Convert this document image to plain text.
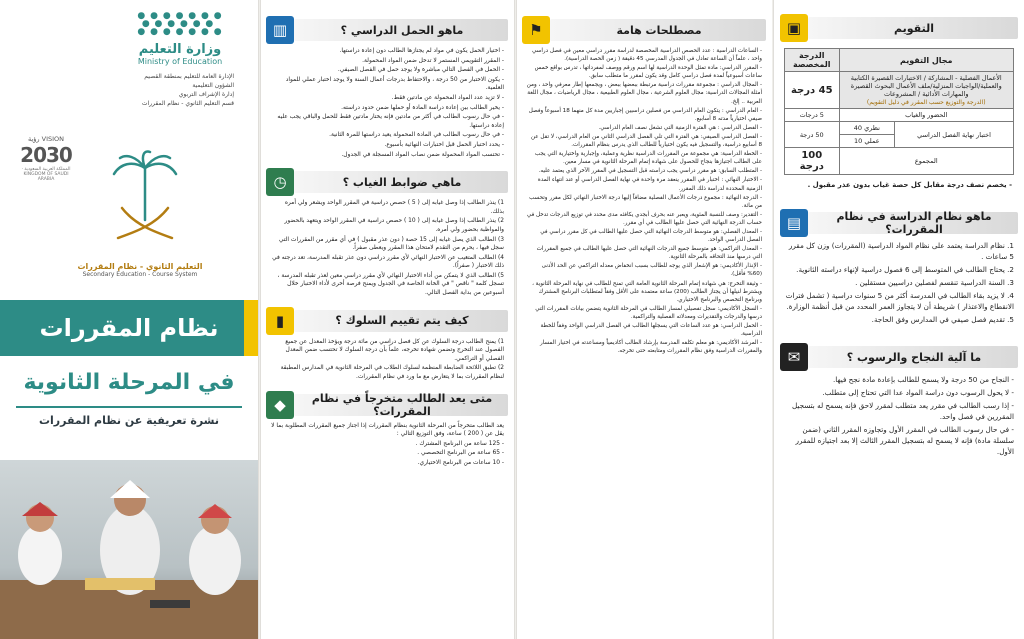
التقويم
▣
مجال التقويم		الدرجة المخصصة
الأعمال الفصلية - المشاركة / الاختبارات القصيرة الكتابية والعملية/الواجبات المنزلية/ملف الأعمال البحوث القصيرة والمهارات الأدائية / المشروعات
(الدرجة والتوزيع حسب المقرر في دليل التقويم)		45 درجة
الحضور والغياب		5 درجات
اختبار نهاية الفصل الدراسي	نظري 40	50 درجة
	عملي 10	
المجموع		100 درجة
- يخصم نصف درجة مقابل كل حصة غياب بدون عذر مقبول .
ماهو نظام الدراسة في نظام المقررات؟
▤
1. نظام الدراسة يعتمد على نظام المواد الدراسية (المقررات) وزن كل مقرر 5 ساعات .
2. يحتاج الطالب في المتوسط إلى 6 فصول دراسية لإنهاء دراسته الثانوية.
3. السنة الدراسية تنقسم لفصلين دراسيين مستقلين .
4. لا يزيد بقاء الطالب في المدرسة أكثر من 5 سنوات دراسية ( تشمل فترات الانقطاع والاعتذار ) شريطة أن لا يتجاوز العمر المحدد من قبل أنظمة الوزارة.
5. تقديم فصل صيفي في المدارس وفق الحاجة.
ما آلية النجاح والرسوب ؟
✉
- النجاح من 50 درجة ولا يسمح للطالب بإعادة مادة نجح فيها.
- لا يحول الرسوب دون دراسة المواد عدا التي تحتاج إلى متطلب.
- إذا رسب الطالب في مقرر يعد متطلب لمقرر لاحق فإنه يسمح له بتسجيل المقررين في فصل واحد.
- في حال رسوب الطالب في المقرر الأول وتجاوزه المقرر الثاني (ضمن سلسلة مادة) فإنه لا يسمح له بتسجيل المقرر الثالث إلا بعد اجتيازه للمقرر الأول.
مصطلحات هامة
⚑

- الساعات الدراسية : عدد الحصص الدراسية المخصصة لدراسة مقرر دراسي معين في فصل دراسي واحد ، علماً أن الساعة تعادل في الجدول المدرسي 45 دقيقة ( زمن الحصة الدراسية).

- المقرر الدراسي: مادة تمثل الوحدة الدراسية لها اسم ورقم ووصف لمفرداتها ، تدرس بواقع خمس ساعات أسبوعياً لمدة فصل دراسي كامل وقد يكون لمقرر ما متطلب سابق.

- المجال الدراسي : مجموعة مقررات دراسية مرتبطة ببعضها ببعض ، ويجمعها إطار معرفي واحد ، ومن أمثلة المجالات الدراسية: مجال العلوم الشرعية ، مجال العلوم الطبيعية ، مجال الرياضيات ، مجال اللغة العربية .. إلخ.

- العام الدراسي : يتكون العام الدراسي من فصلين دراسيين إجباريين مدة كل منهما 18 أسبوعاً وفصل صيفي اختيارياً مدته 8 أسابيع.

- الفصل الدراسي : هي الفترة الزمنية التي تشغل نصف العام الدراسي.

- الفصل الدراسي الصيفي: هي الفترة التي تلي الفصل الدراسي الثاني من العام الدراسي، لا تقل عن 8 أسابيع دراسية، والتسجيل فيه يكون اختيارياً للطالب الذي يدرس بنظام المقررات.

- الخطة الدراسية: هي مجموعة من المقررات الدراسية نظرية وعملية، وإجبارية واختيارية التي يجب على الطالب اجتيازها بنجاح للحصول على شهادة إتمام المرحلة الثانوية في مسار معين.

- المتطلب السابق: هو مقرر دراسي يجب دراسته قبل التسجيل في المقرر الآخر الذي يعتمد عليه.

- الاختبار النهائي : اختبار في المقرر ينعقد مرة واحدة في نهاية الفصل الدراسي أو عند انتهاء المدة الزمنية المحددة لدراسة ذلك المقرر.

- الدرجة النهائية : مجموع درجات الأعمال الفصلية مضافاً إليها درجة الاختبار النهائي لكل مقرر وتحسب من مائة.

- التقدير: وصف للنسبة المئوية، ويعبر عنه بحرف أبجدي يكافئه مدى محدد في توزيع الدرجات تدخل في حساب الدرجة النهائية التي حصل عليها الطالب في أي مقرر.

- المعدل الفصلي: هو متوسط الدرجات النهائية التي حصل عليها الطالب في كل مقرر دراسي في الفصل الدراسي الواحد.

- المعدل التراكمي: هو متوسط جميع الدرجات النهائية التي حصل عليها الطالب في جميع المقررات التي درسها منذ التحاقه بالمرحلة الثانوية.

- الإنذار الأكاديمي: هو الإشعار الذي يوجه للطالب بسبب انخفاض معدله التراكمي عن الحد الأدنى (60% فأقل).

- وثيقة التخرج: هي شهادة إتمام المرحلة الثانوية العامة التي تمنح للطالب في نهاية المرحلة الثانوية ، ويشترط لنيلها أن يجتاز الطالب (200) ساعة معتمدة على الأقل وفقاً لمتطلبات البرنامج المشترك وبرنامج التخصص والبرنامج الاختياري.

- السجل الأكاديمي: سجل تفصيلي لمسار الطالب في المرحلة الثانوية يتضمن بيانات المقررات التي درسها والدرجات والتقديرات ومعدلاته الفصلية والتراكمية.

- الحمل الدراسي: هو عدد الساعات التي يسجلها الطالب في الفصل الدراسي الواحد وفقاً للخطة الدراسية.

- المرشد الأكاديمي: هو معلم تكلفه المدرسة بإرشاد الطالب أكاديمياً ومساعدته في اختيار المسار والمقررات الدراسية وفق نظام المقررات ومتابعته حتى تخرجه.

ماهو الحمل الدراسي ؟
▥

- اختيار الحمل يكون في مواد لم يجتازها الطالب دون إعادة دراستها.

- المقرر التقويمي المستمر لا تدخل ضمن المواد المحمولة.

- الحمل في الفصل التالي مباشرة ولا يوجد حمل في الفصل الصيفي.

- يكون الاختبار من 50 درجة ، والاحتفاظ بدرجات أعمال السنة ولا يوجد اختبار عملي للمواد العلمية.

- لا تزيد عدد المواد المحمولة عن مادتين فقط.

- يخير الطالب بين إعادة دراسة المادة أو حملها ضمن حدود دراسته.

- في حال رسوب الطالب في أكثر من مادتين فإنه يختار مادتين فقط للحمل والباقي يجب عليه إعادة دراستها.

- في حال رسوب الطالب في المادة المحمولة يعيد دراستها للمرة الثانية.

- يحدد اختبار الحمل قبل اختبارات النهائية بأسبوع.

- تحتسب المواد المحمولة ضمن نصاب المواد المسجلة في الجدول.

ماهي ضوابط الغياب ؟
◷

1) ينذر الطالب إذا وصل غيابه إلى ( 5 ) حصص دراسية في المقرر الواحد ويشعر ولي أمره بذلك.

2) ينذر الطالب إذا وصل غيابه إلى ( 10 ) حصص دراسية في المقرر الواحد ويتعهد بالحضور والمواظبة بحضور ولي أمره.

3) الطالب الذي يصل غيابه إلى 15 حصة ( دون عذر مقبول ) في أي مقرر من المقررات التي سجل فيها ، يحرم من التقدم لامتحان هذا المقرر ويعطى صفراً.

4) الطالب المتغيب عن الاختبار النهائي لأي مقرر دراسي دون عذر تقبله المدرسة، تعد درجته في ذلك الاختبار ( صفراً).

5) الطالب الذي لا يتمكن من أداء الاختبار النهائي لأي مقرر دراسي معين لعذر تقبله المدرسة ، تسجل كلمة " ناقص " في الخانة الخاصة في الجدول ويمنح فرصة أخرى لأداء الاختبار خلال أسبوعين من بداية الفصل التالي.

كيف يتم تقييم السلوك ؟
▮

1) يمنح الطالب درجة السلوك عن كل فصل دراسي من مائة درجة ويؤخذ المعدل عن جميع الفصول عند التخرج وتضمن شهادة تخرجه، علماً بأن درجة السلوك لا تحتسب ضمن المعدل الفصلي أو التراكمي.

2) تطبق اللائحة الضابطة المنظمة لسلوك الطلاب في المرحلة الثانوية في المدارس المطبقة لنظام المقررات بما لا يتعارض مع ما ورد في نظام المقررات.

متى يعد الطالب متخرجاً في نظام المقررات؟
◆

يعد الطالب متخرجاً من المرحلة الثانوية بنظام المقررات إذا اجتاز جميع المقررات المطلوبة بما لا يقل عن ( 200 ) ساعة، وفق التوزيع التالي :

- 125 ساعة من البرنامج المشترك .

- 65 ساعة من البرنامج التخصصي .

- 10 ساعات من البرنامج الاختياري.

● ● ● ● ● ● ●
● ● ● ● ● ●
● ● ● ● ● ● ●
وزارة التعليم
Ministry of Education
الإدارة العامة للتعليم بمنطقة القصيم
الشؤون التعليمية
إدارة الإشراف التربوي
قسم التعليم الثانوي - نظام المقررات
VISION رؤية
2030
المملكة العربية السعودية · KINGDOM OF SAUDI ARABIA
التعليم الثانوي - نظام المقررات
Secondary Education - Course System
نظام المقررات
في المرحلة الثانوية
نشرة تعريفية عن نظام المقررات
